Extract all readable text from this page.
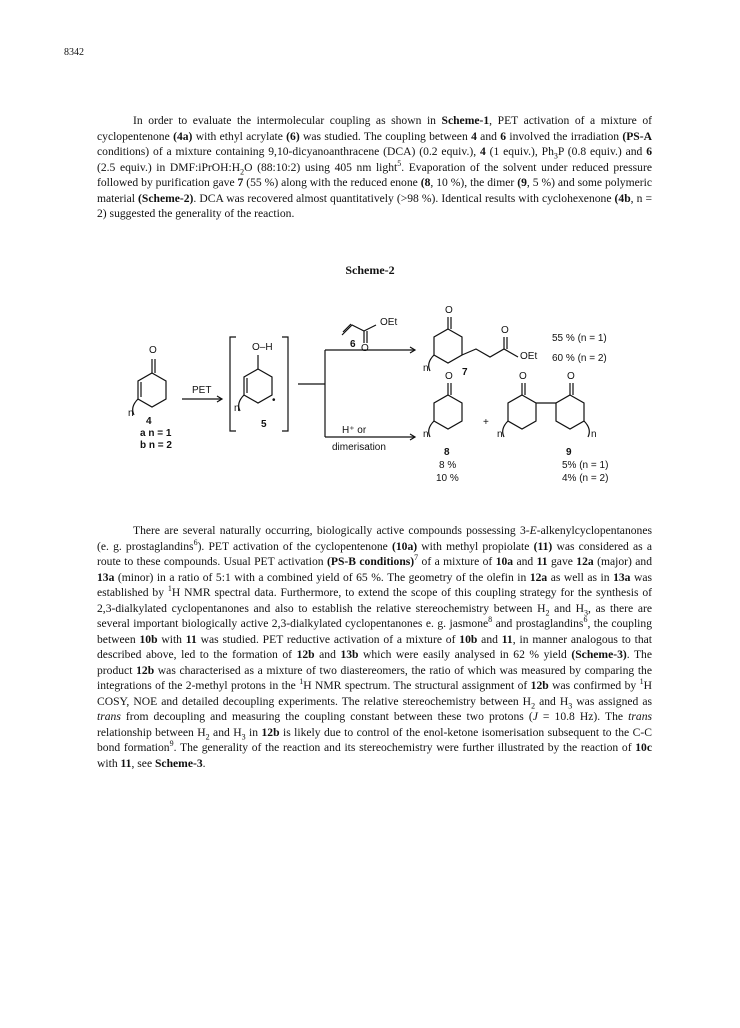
8342

In order to evaluate the intermolecular coupling as shown in Scheme-1, PET activation of a mixture of cyclopentenone (4a) with ethyl acrylate (6) was studied. The coupling between 4 and 6 involved the irradiation (PS-A conditions) of a mixture containing 9,10-dicyanoanthracene (DCA) (0.2 equiv.), 4 (1 equiv.), $Ph_3P$ (0.8 equiv.) and 6 (2.5 equiv.) in $DMF:iPrOH:H_2O$ (88:10:2) using 405 nm light$^5$. Evaporation of the solvent under reduced pressure followed by purification gave 7 (55 %) along with the reduced enone (8, 10 %), the dimer (9, 5 %) and some polymeric material (Scheme-2). DCA was recovered almost quantitatively (>98 %). Identical results with cyclohexenone (4b, n = 2) suggested the generality of the reaction.

Scheme-2
O
n
4
a n = 1
b n = 2
PET
O–H
n
•
5
OEt
O
6
O
O
OEt
n	7
55 % (n = 1)
60 % (n = 2)
H⁺ or
dimerisation
O
n
8
8 %
10 %
+
O	O
n	n
9
5% (n = 1)
4% (n = 2)

There are several naturally occurring, biologically active compounds possessing 3-E-alkenylcyclopentanones (e. g. prostaglandins$^6$). PET activation of the cyclopentenone (10a) with methyl propiolate (11) was considered as a route to these compounds. Usual PET activation (PS-B conditions)$^7$ of a mixture of 10a and 11 gave 12a (major) and 13a (minor) in a ratio of 5:1 with a combined yield of 65 %. The geometry of the olefin in 12a as well as in 13a was established by $^1$H NMR spectral data. Furthermore, to extend the scope of this coupling strategy for the synthesis of 2,3-dialkylated cyclopentanones and also to establish the relative stereochemistry between $H_2$ and $H_3$, as there are several important biologically active 2,3-dialkylated cyclopentanones e. g. jasmone$^8$ and prostaglandins$^6$, the coupling between 10b with 11 was studied. PET reductive activation of a mixture of 10b and 11, in manner analogous to that described above, led to the formation of 12b and 13b which were easily analysed in 62 % yield (Scheme-3). The product 12b was characterised as a mixture of two diastereomers, the ratio of which was measured by comparing the integrations of the 2-methyl protons in the $^1$H NMR spectrum. The structural assignment of 12b was confirmed by $^1$H COSY, NOE and detailed decoupling experiments. The relative stereochemistry between $H_2$ and $H_3$ was assigned as trans from decoupling and measuring the coupling constant between these two protons (J = 10.8 Hz). The trans relationship between $H_2$ and $H_3$ in 12b is likely due to control of the enol-ketone isomerisation subsequent to the C-C bond formation$^9$. The generality of the reaction and its stereochemistry were further illustrated by the reaction of 10c with 11, see Scheme-3.
